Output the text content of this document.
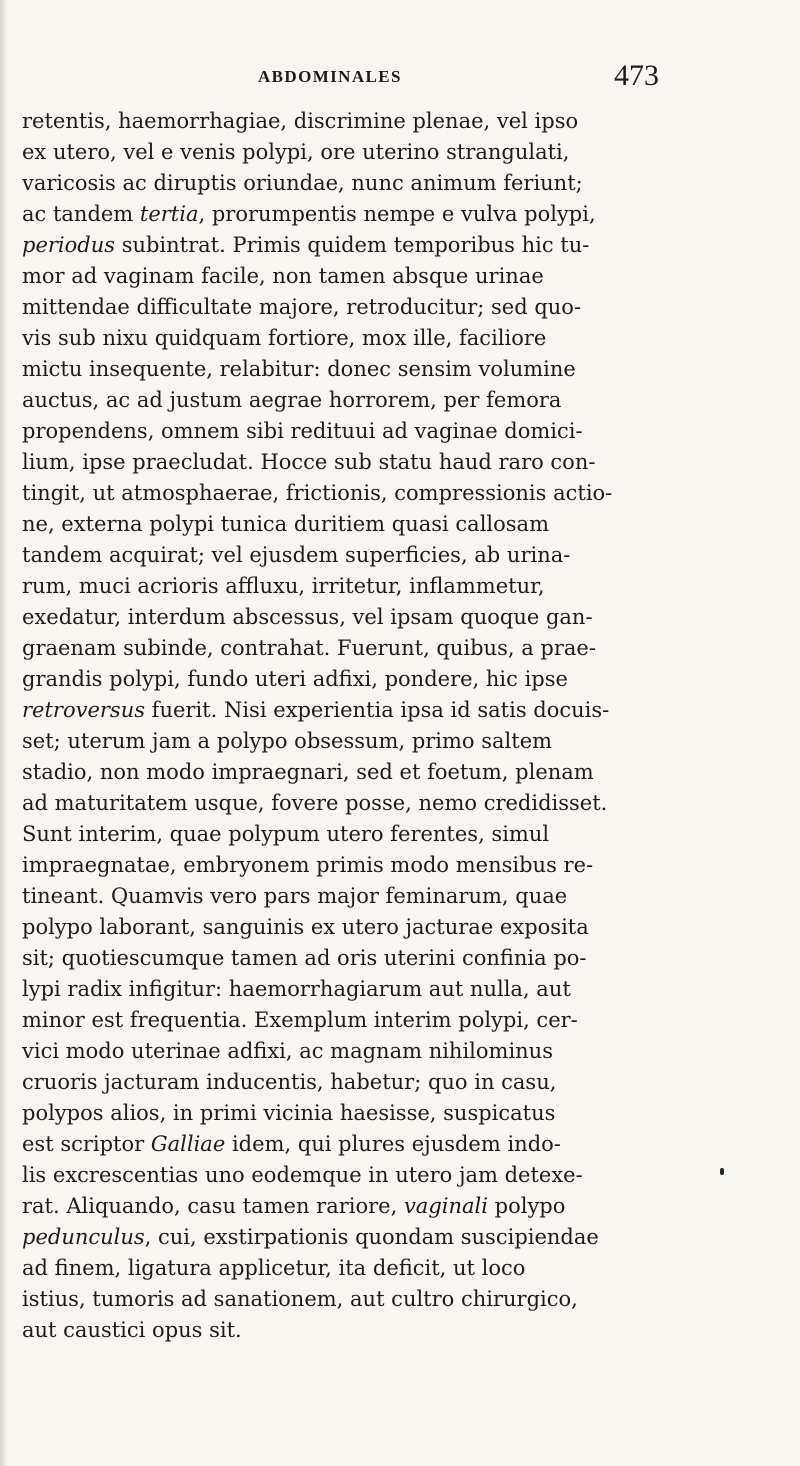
ABDOMINALES	473
retentis, haemorrhagiae, discrimine plenae, vel ipso
ex utero, vel e venis polypi, ore uterino strangulati,
varicosis ac diruptis oriundae, nunc animum feriunt;
ac tandem tertia, prorumpentis nempe e vulva polypi,
periodus subintrat. Primis quidem temporibus hic tu-
mor ad vaginam facile, non tamen absque urinae
mittendae difficultate majore, retroducitur; sed quo-
vis sub nixu quidquam fortiore, mox ille, faciliore
mictu insequente, relabitur: donec sensim volumine
auctus, ac ad justum aegrae horrorem, per femora
propendens, omnem sibi redituui ad vaginae domici-
lium, ipse praecludat. Hocce sub statu haud raro con-
tingit, ut atmosphaerae, frictionis, compressionis actio-
ne, externa polypi tunica duritiem quasi callosam
tandem acquirat; vel ejusdem superficies, ab urina-
rum, muci acrioris affluxu, irritetur, inflammetur,
exedatur, interdum abscessus, vel ipsam quoque gan-
graenam subinde, contrahat. Fuerunt, quibus, a prae-
grandis polypi, fundo uteri adfixi, pondere, hic ipse
retroversus fuerit. Nisi experientia ipsa id satis docuis-
set; uterum jam a polypo obsessum, primo saltem
stadio, non modo impraegnari, sed et foetum, plenam
ad maturitatem usque, fovere posse, nemo credidisset.
Sunt interim, quae polypum utero ferentes, simul
impraegnatae, embryonem primis modo mensibus re-
tineant. Quamvis vero pars major feminarum, quae
polypo laborant, sanguinis ex utero jacturae exposita
sit; quotiescumque tamen ad oris uterini confinia po-
lypi radix infigitur: haemorrhagiarum aut nulla, aut
minor est frequentia. Exemplum interim polypi, cer-
vici modo uterinae adfixi, ac magnam nihilominus
cruoris jacturam inducentis, habetur; quo in casu,
polypos alios, in primi vicinia haesisse, suspicatus
est scriptor Galliae idem, qui plures ejusdem indo-
lis excrescentias uno eodemque in utero jam detexe-
rat. Aliquando, casu tamen rariore, vaginali polypo
pedunculus, cui, exstirpationis quondam suscipiendae
ad finem, ligatura applicetur, ita deficit, ut loco
istius, tumoris ad sanationem, aut cultro chirurgico,
aut caustici opus sit.
